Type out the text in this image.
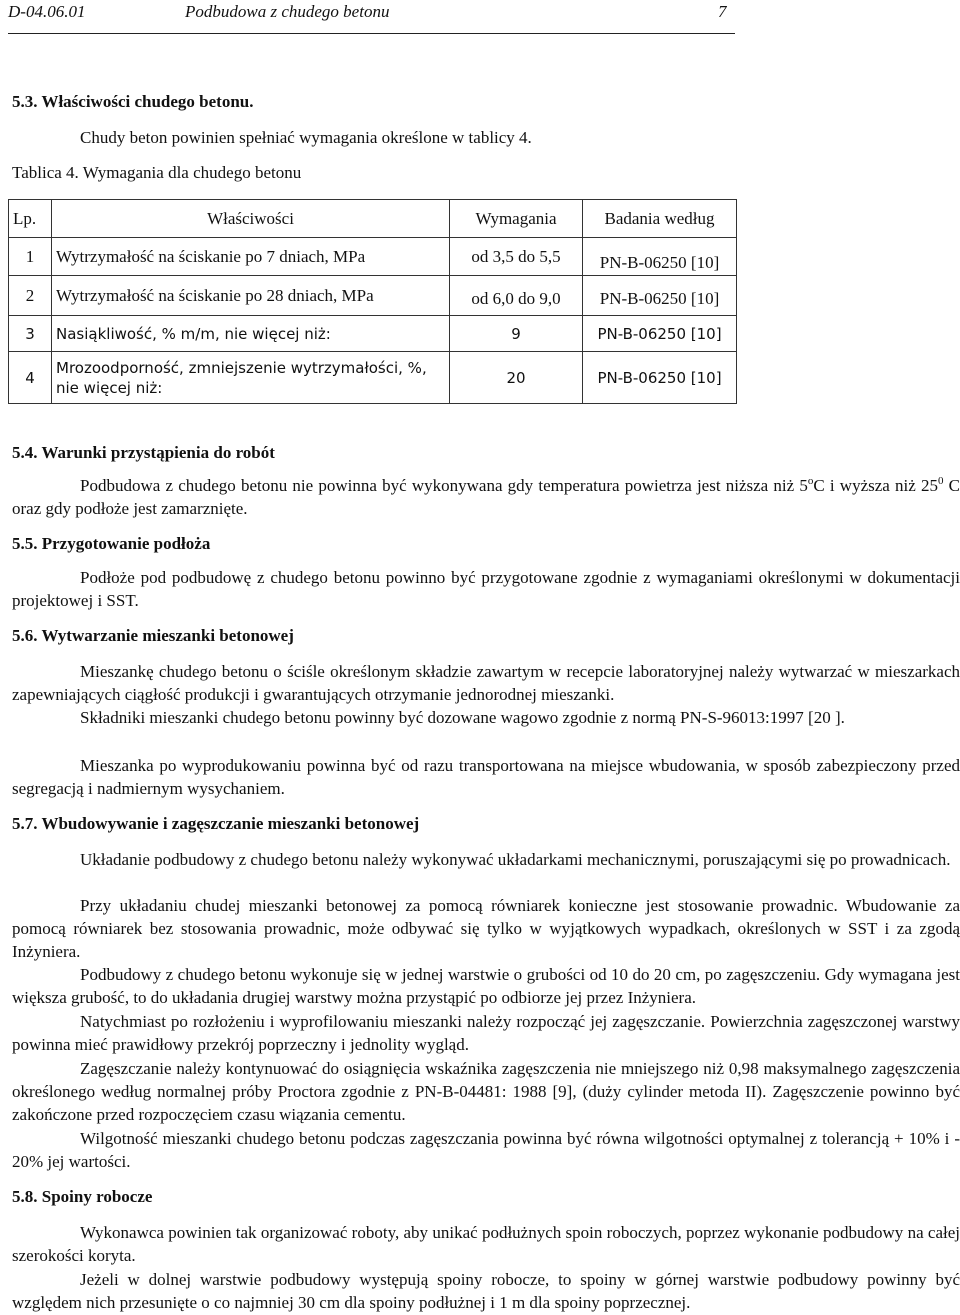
D-04.06.01	Podbudowa z chudego betonu	7
5.3. Właściwości chudego betonu.
Chudy beton powinien spełniać wymagania określone w tablicy 4.
Tablica 4. Wymagania dla chudego betonu
Lp.	Właściwości	Wymagania	Badania według
1	Wytrzymałość na ściskanie po 7 dniach, MPa	od 3,5 do 5,5	PN-B-06250 [10]
2	Wytrzymałość na ściskanie po 28 dniach, MPa	od 6,0 do 9,0	PN-B-06250 [10]
3	Nasiąkliwość, % m/m, nie więcej niż:	9	PN-B-06250 [10]
4	Mrozoodporność, zmniejszenie wytrzymałości, %, nie więcej niż:	20	PN-B-06250 [10]
5.4. Warunki przystąpienia do robót
Podbudowa z chudego betonu nie powinna być wykonywana gdy temperatura powietrza jest niższa niż 5$^o$C i wyższa niż $25^0$ C oraz gdy podłoże jest zamarznięte.
5.5. Przygotowanie podłoża
Podłoże pod podbudowę z chudego betonu powinno być przygotowane zgodnie z wymaganiami określonymi w dokumentacji projektowej i SST.
5.6. Wytwarzanie mieszanki betonowej
Mieszankę chudego betonu o ściśle określonym składzie zawartym w recepcie laboratoryjnej należy wytwarzać w mieszarkach zapewniających ciągłość produkcji i gwarantujących otrzymanie jednorodnej mieszanki.
Składniki mieszanki chudego betonu powinny być dozowane wagowo zgodnie z normą PN-S-96013:1997 [20 ].
Mieszanka po wyprodukowaniu powinna być od razu transportowana na miejsce wbudowania, w sposób zabezpieczony przed segregacją i nadmiernym wysychaniem.
5.7. Wbudowywanie i zagęszczanie mieszanki betonowej
Układanie podbudowy z chudego betonu należy wykonywać układarkami mechanicznymi, poruszającymi się po prowadnicach.
Przy układaniu chudej mieszanki betonowej za pomocą równiarek konieczne jest stosowanie prowadnic. Wbudowanie za pomocą równiarek bez stosowania prowadnic, może odbywać się tylko w wyjątkowych wypadkach, określonych w SST i za zgodą Inżyniera.
Podbudowy z chudego betonu wykonuje się w jednej warstwie o grubości od 10 do 20 cm, po zagęszczeniu. Gdy wymagana jest większa grubość, to do układania drugiej warstwy można przystąpić po odbiorze jej przez Inżyniera.
Natychmiast po rozłożeniu i wyprofilowaniu mieszanki należy rozpocząć jej zagęszczanie. Powierzchnia zagęszczonej warstwy powinna mieć prawidłowy przekrój poprzeczny i jednolity wygląd.
Zagęszczanie należy kontynuować do osiągnięcia wskaźnika zagęszczenia nie mniejszego niż 0,98 maksymalnego zagęszczenia określonego według normalnej próby Proctora zgodnie z PN-B-04481: 1988 [9], (duży cylinder metoda II). Zagęszczenie powinno być zakończone przed rozpoczęciem czasu wiązania cementu.
Wilgotność mieszanki chudego betonu podczas zagęszczania powinna być równa wilgotności optymalnej z tolerancją + 10% i - 20% jej wartości.
5.8. Spoiny robocze
Wykonawca powinien tak organizować roboty, aby unikać podłużnych spoin roboczych, poprzez wykonanie podbudowy na całej szerokości koryta.
Jeżeli w dolnej warstwie podbudowy występują spoiny robocze, to spoiny w górnej warstwie podbudowy powinny być względem nich przesunięte o co najmniej 30 cm dla spoiny podłużnej i 1 m dla spoiny poprzecznej.
